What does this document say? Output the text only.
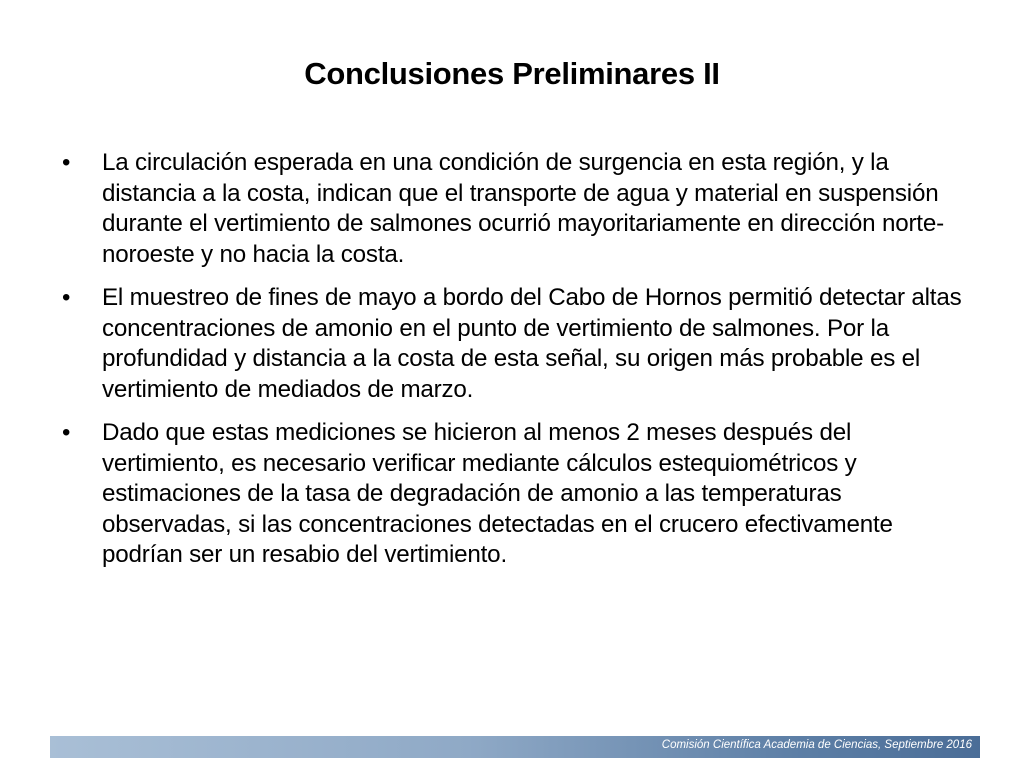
Conclusiones Preliminares II
•	La circulación esperada en una condición de surgencia en esta región, y la distancia a la costa, indican que el transporte de agua y material en suspensión durante el vertimiento de salmones ocurrió mayoritariamente en dirección norte-noroeste y no hacia la costa.
•	El muestreo de fines de mayo a bordo del Cabo de Hornos permitió detectar altas concentraciones de amonio en el punto de vertimiento de salmones. Por la profundidad y distancia a la costa de esta señal, su origen más probable es el vertimiento de mediados de marzo.
•	Dado que estas mediciones se hicieron al menos 2 meses después del vertimiento, es necesario verificar mediante cálculos estequiométricos y estimaciones de la tasa de degradación de amonio a las temperaturas observadas, si las concentraciones detectadas en el crucero efectivamente podrían ser un resabio del vertimiento.
Comisión Científica Academia de Ciencias, Septiembre 2016
